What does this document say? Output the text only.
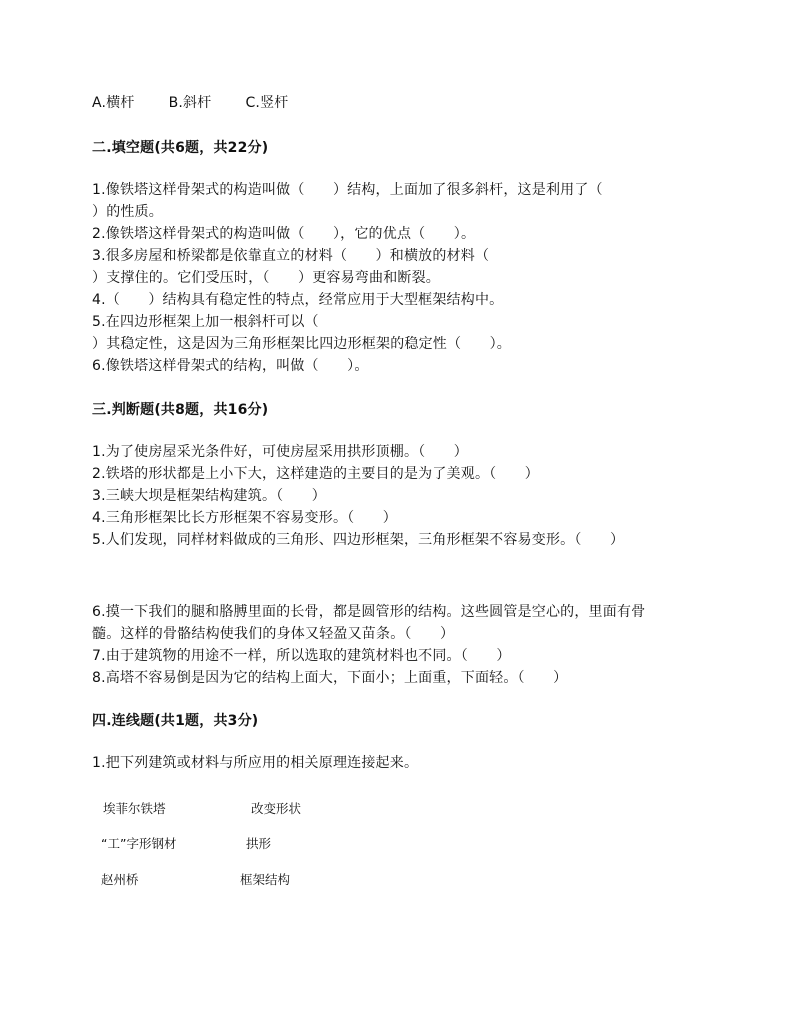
A.横杆 B.斜杆 C.竖杆
二.填空题(共6题，共22分)
1.像铁塔这样骨架式的构造叫做（　　）结构，上面加了很多斜杆，这是利用了（
）的性质。
2.像铁塔这样骨架式的构造叫做（　　），它的优点（　　）。
3.很多房屋和桥梁都是依靠直立的材料（　　）和横放的材料（
）支撑住的。它们受压时，（　　）更容易弯曲和断裂。
4.（　　）结构具有稳定性的特点，经常应用于大型框架结构中。
5.在四边形框架上加一根斜杆可以（
）其稳定性，这是因为三角形框架比四边形框架的稳定性（　　）。
6.像铁塔这样骨架式的结构，叫做（　　）。
三.判断题(共8题，共16分)
1.为了使房屋采光条件好，可使房屋采用拱形顶棚。（　　）
2.铁塔的形状都是上小下大，这样建造的主要目的是为了美观。（　　）
3.三峡大坝是框架结构建筑。（　　）
4.三角形框架比长方形框架不容易变形。（　　）
5.人们发现，同样材料做成的三角形、四边形框架，三角形框架不容易变形。（　　）
6.摸一下我们的腿和胳膊里面的长骨，都是圆管形的结构。这些圆管是空心的，里面有骨
髓。这样的骨骼结构使我们的身体又轻盈又苗条。（　　）
7.由于建筑物的用途不一样，所以选取的建筑材料也不同。（　　）
8.高塔不容易倒是因为它的结构上面大，下面小；上面重，下面轻。（　　）
四.连线题(共1题，共3分)
1.把下列建筑或材料与所应用的相关原理连接起来。
埃菲尔铁塔	改变形状
“工”字形钢材	拱形
赵州桥	框架结构
